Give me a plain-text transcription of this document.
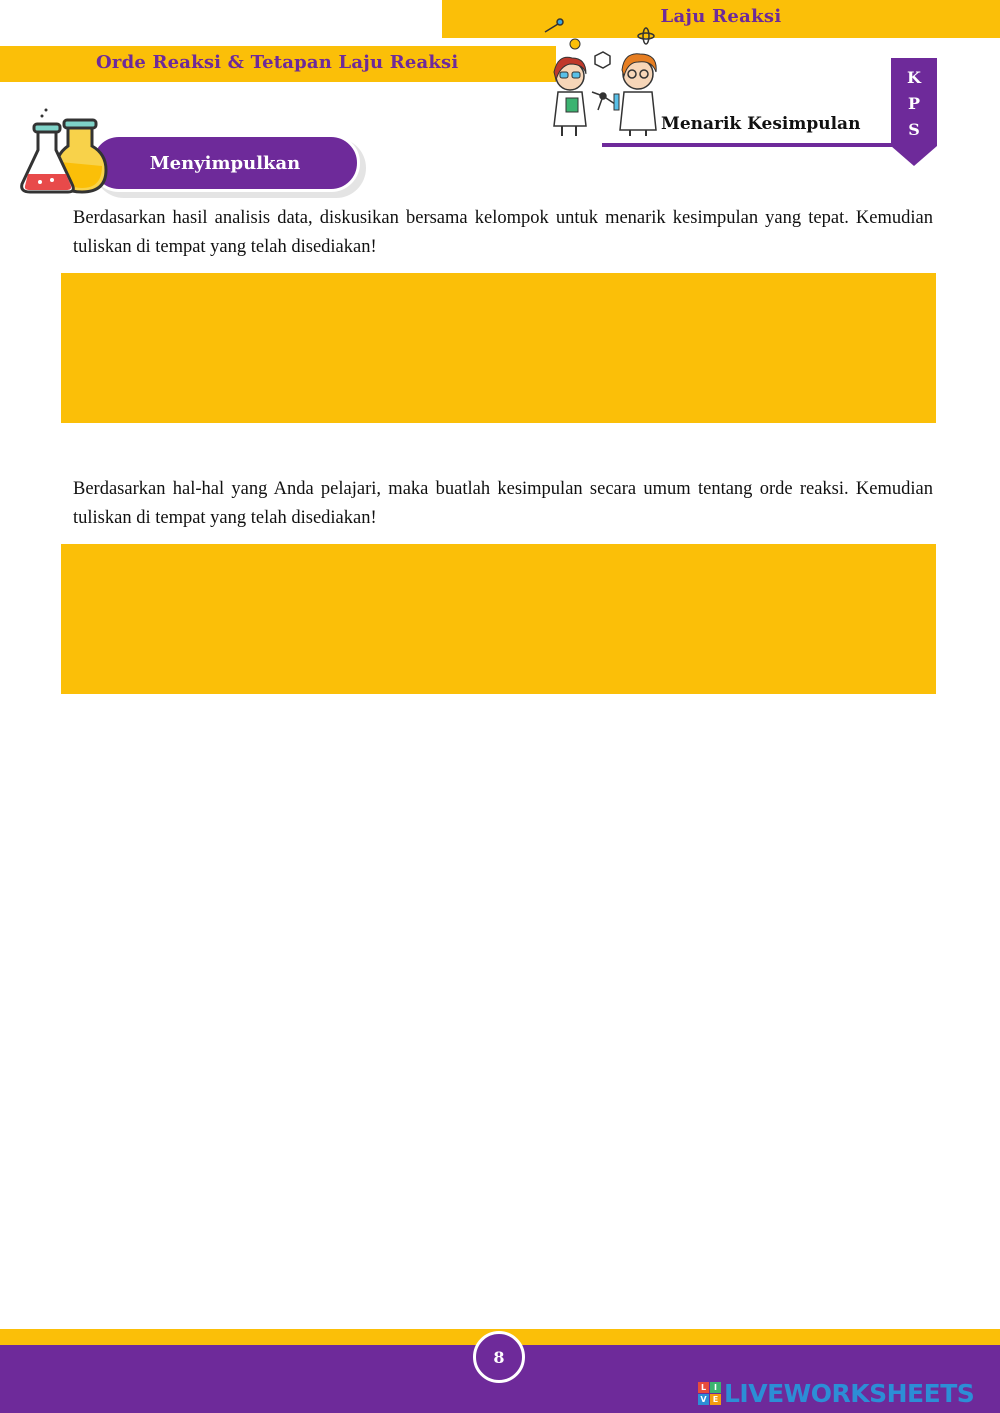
Laju Reaksi
Orde Reaksi & Tetapan Laju Reaksi
Menarik Kesimpulan
K
P
S
Menyimpulkan
Berdasarkan hasil analisis data, diskusikan bersama kelompok untuk menarik kesimpulan yang tepat. Kemudian tuliskan di tempat yang telah disediakan!
Berdasarkan hal-hal yang Anda pelajari, maka buatlah kesimpulan secara umum tentang orde reaksi. Kemudian tuliskan di tempat yang telah disediakan!
8
L I
V E LIVEWORKSHEETS
